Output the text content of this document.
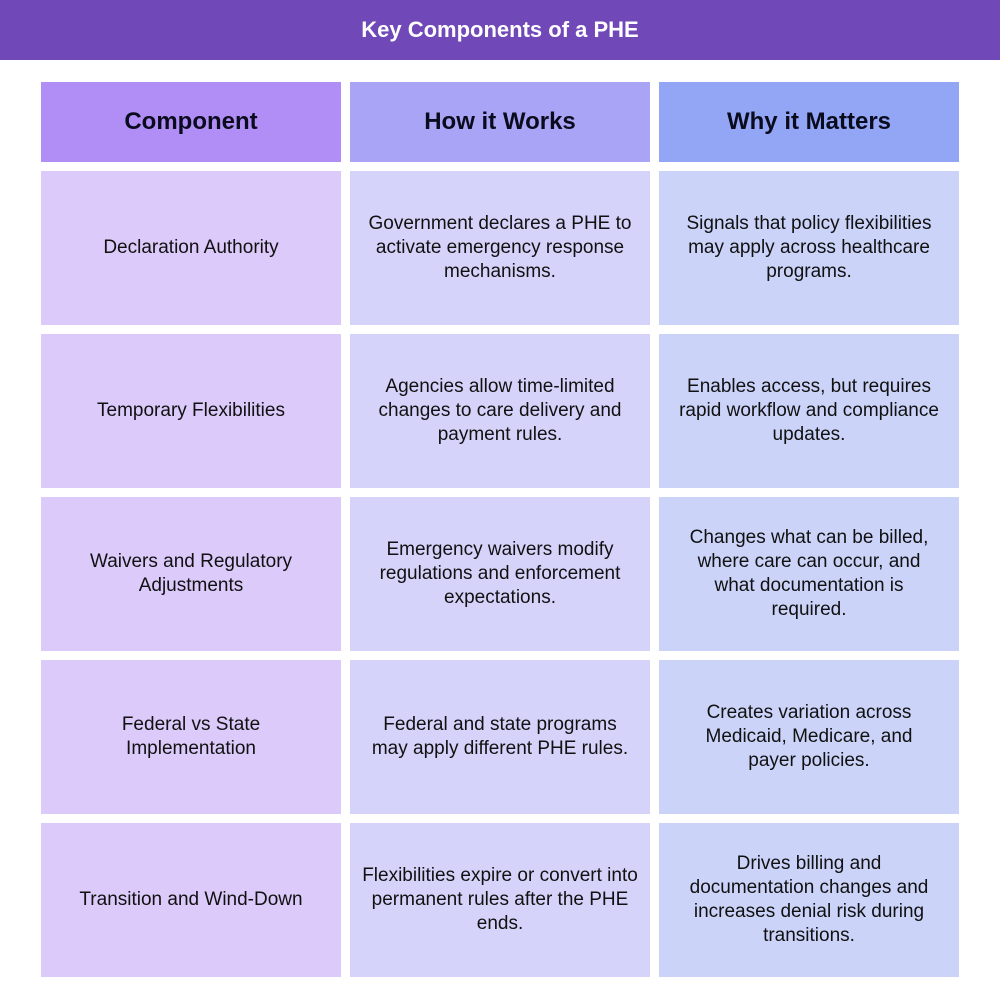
Key Components of a PHE
Component	How it Works	Why it Matters
Declaration Authority
Government declares a PHE to activate emergency response mechanisms.
Signals that policy flexibilities may apply across healthcare programs.
Temporary Flexibilities
Agencies allow time-limited changes to care delivery and payment rules.
Enables access, but requires rapid workflow and compliance updates.
Waivers and Regulatory Adjustments
Emergency waivers modify regulations and enforcement expectations.
Changes what can be billed, where care can occur, and what documentation is required.
Federal vs State Implementation
Federal and state programs may apply different PHE rules.
Creates variation across Medicaid, Medicare, and payer policies.
Transition and Wind-Down
Flexibilities expire or convert into permanent rules after the PHE ends.
Drives billing and documentation changes and increases denial risk during transitions.
